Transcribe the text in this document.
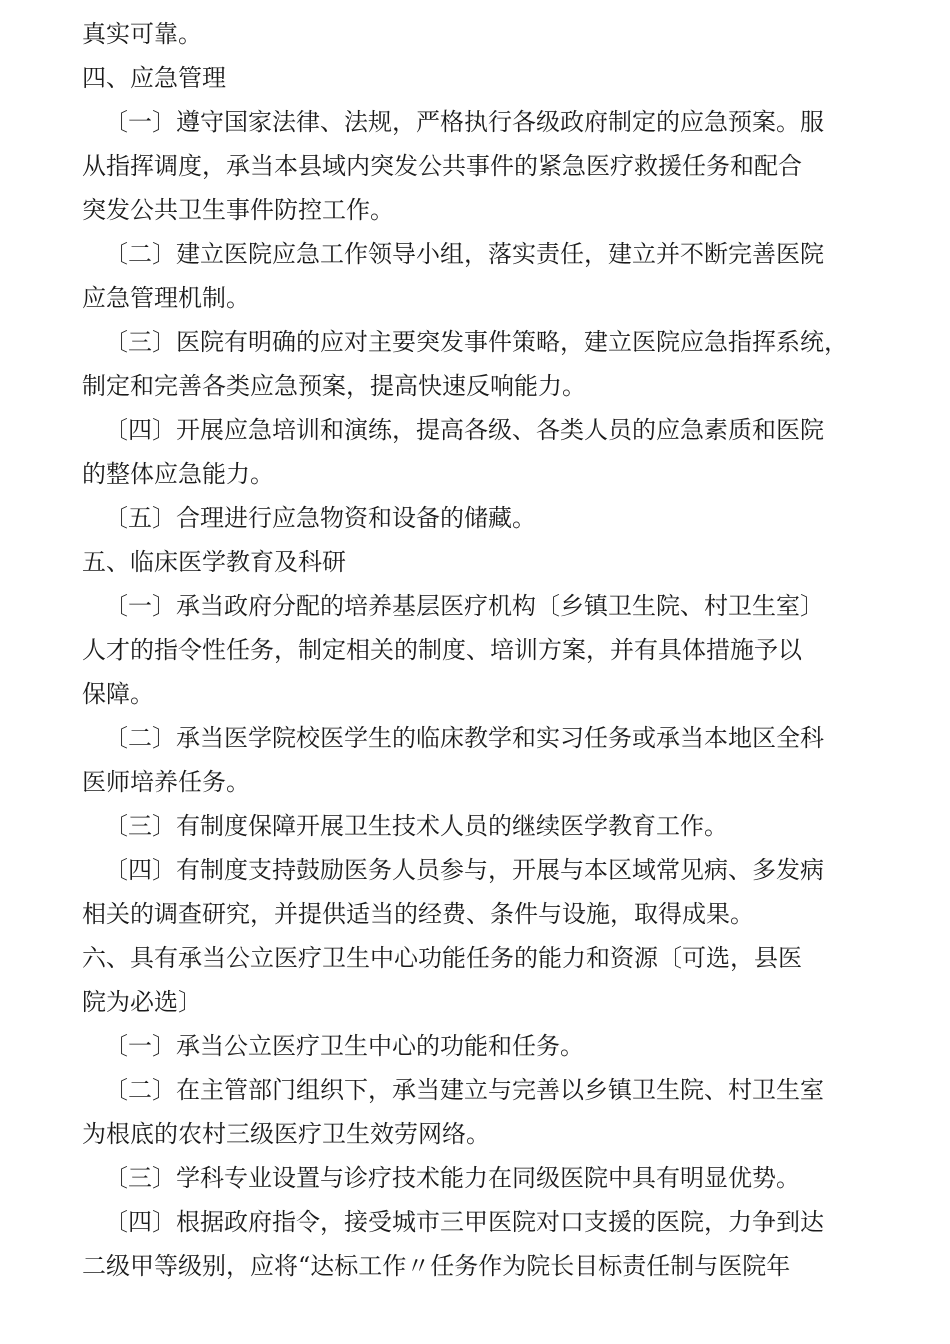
真实可靠。
四、应急管理
〔一〕遵守国家法律、法规，严格执行各级政府制定的应急预案。服
从指挥调度，承当本县域内突发公共事件的紧急医疗救援任务和配合
突发公共卫生事件防控工作。
〔二〕建立医院应急工作领导小组，落实责任，建立并不断完善医院
应急管理机制。
〔三〕医院有明确的应对主要突发事件策略，建立医院应急指挥系统，
制定和完善各类应急预案，提高快速反响能力。
〔四〕开展应急培训和演练，提高各级、各类人员的应急素质和医院
的整体应急能力。
〔五〕合理进行应急物资和设备的储藏。
五、临床医学教育及科研
〔一〕承当政府分配的培养基层医疗机构〔乡镇卫生院、村卫生室〕
人才的指令性任务，制定相关的制度、培训方案，并有具体措施予以
保障。
〔二〕承当医学院校医学生的临床教学和实习任务或承当本地区全科
医师培养任务。
〔三〕有制度保障开展卫生技术人员的继续医学教育工作。
〔四〕有制度支持鼓励医务人员参与，开展与本区域常见病、多发病
相关的调查研究，并提供适当的经费、条件与设施，取得成果。
六、具有承当公立医疗卫生中心功能任务的能力和资源〔可选，县医
院为必选〕
〔一〕承当公立医疗卫生中心的功能和任务。
〔二〕在主管部门组织下，承当建立与完善以乡镇卫生院、村卫生室
为根底的农村三级医疗卫生效劳网络。
〔三〕学科专业设置与诊疗技术能力在同级医院中具有明显优势。
〔四〕根据政府指令，接受城市三甲医院对口支援的医院，力争到达
二级甲等级别，应将“达标工作〃任务作为院长目标责任制与医院年
